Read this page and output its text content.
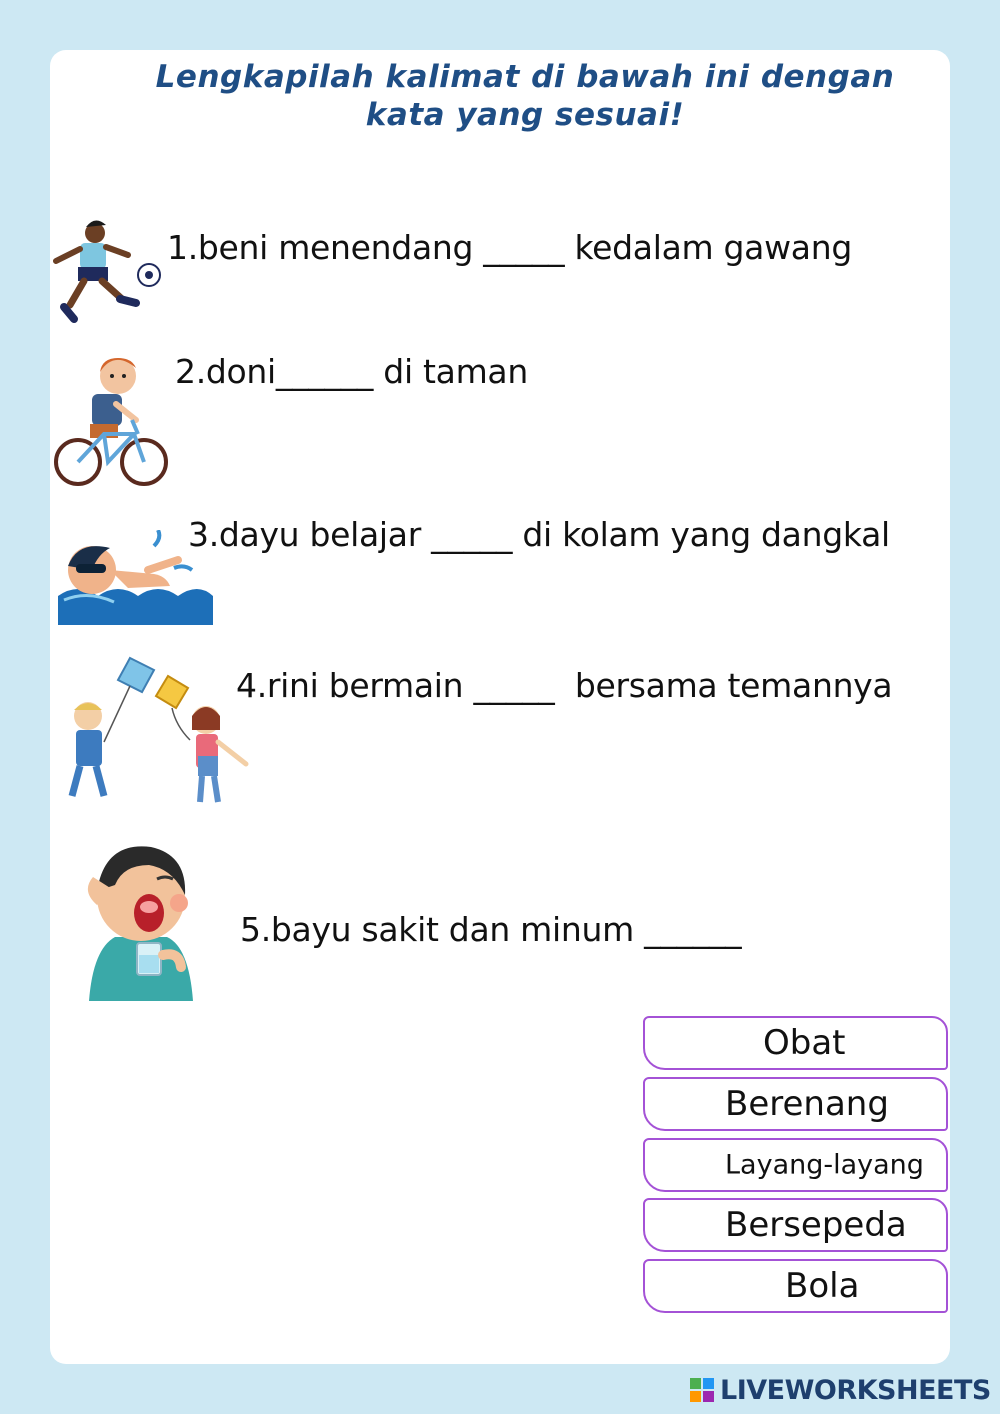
Lengkapilah kalimat di bawah ini dengan
kata yang sesuai!
1.beni menendang _____ kedalam gawang
2.doni______ di taman
3.dayu belajar _____ di kolam yang dangkal
4.rini bermain _____  bersama temannya
5.bayu sakit dan minum ______
Obat
Berenang
Layang-layang
Bersepeda
Bola
LIVEWORKSHEETS
